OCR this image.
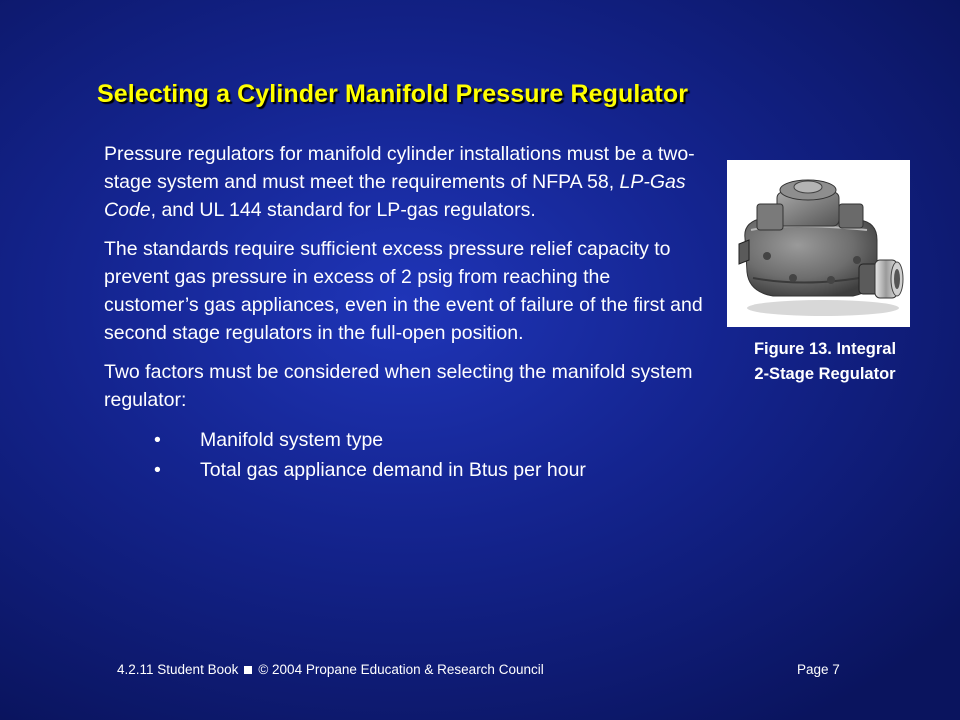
Selecting a Cylinder Manifold Pressure Regulator

Pressure regulators for manifold cylinder installations must be a two-stage system and must meet the requirements of NFPA 58, LP-Gas Code, and UL 144 standard for LP-gas regulators.

The standards require sufficient excess pressure relief capacity to prevent gas pressure in excess of 2 psig from reaching the customer’s gas appliances, even in the event of failure of the first and second stage regulators in the full-open position.

Two factors must be considered when selecting the manifold system regulator:

• Manifold system type
• Total gas appliance demand in Btus per hour
Figure 13. Integral
2-Stage Regulator
4.2.11 Student Book © 2004 Propane Education & Research Council	Page 7
